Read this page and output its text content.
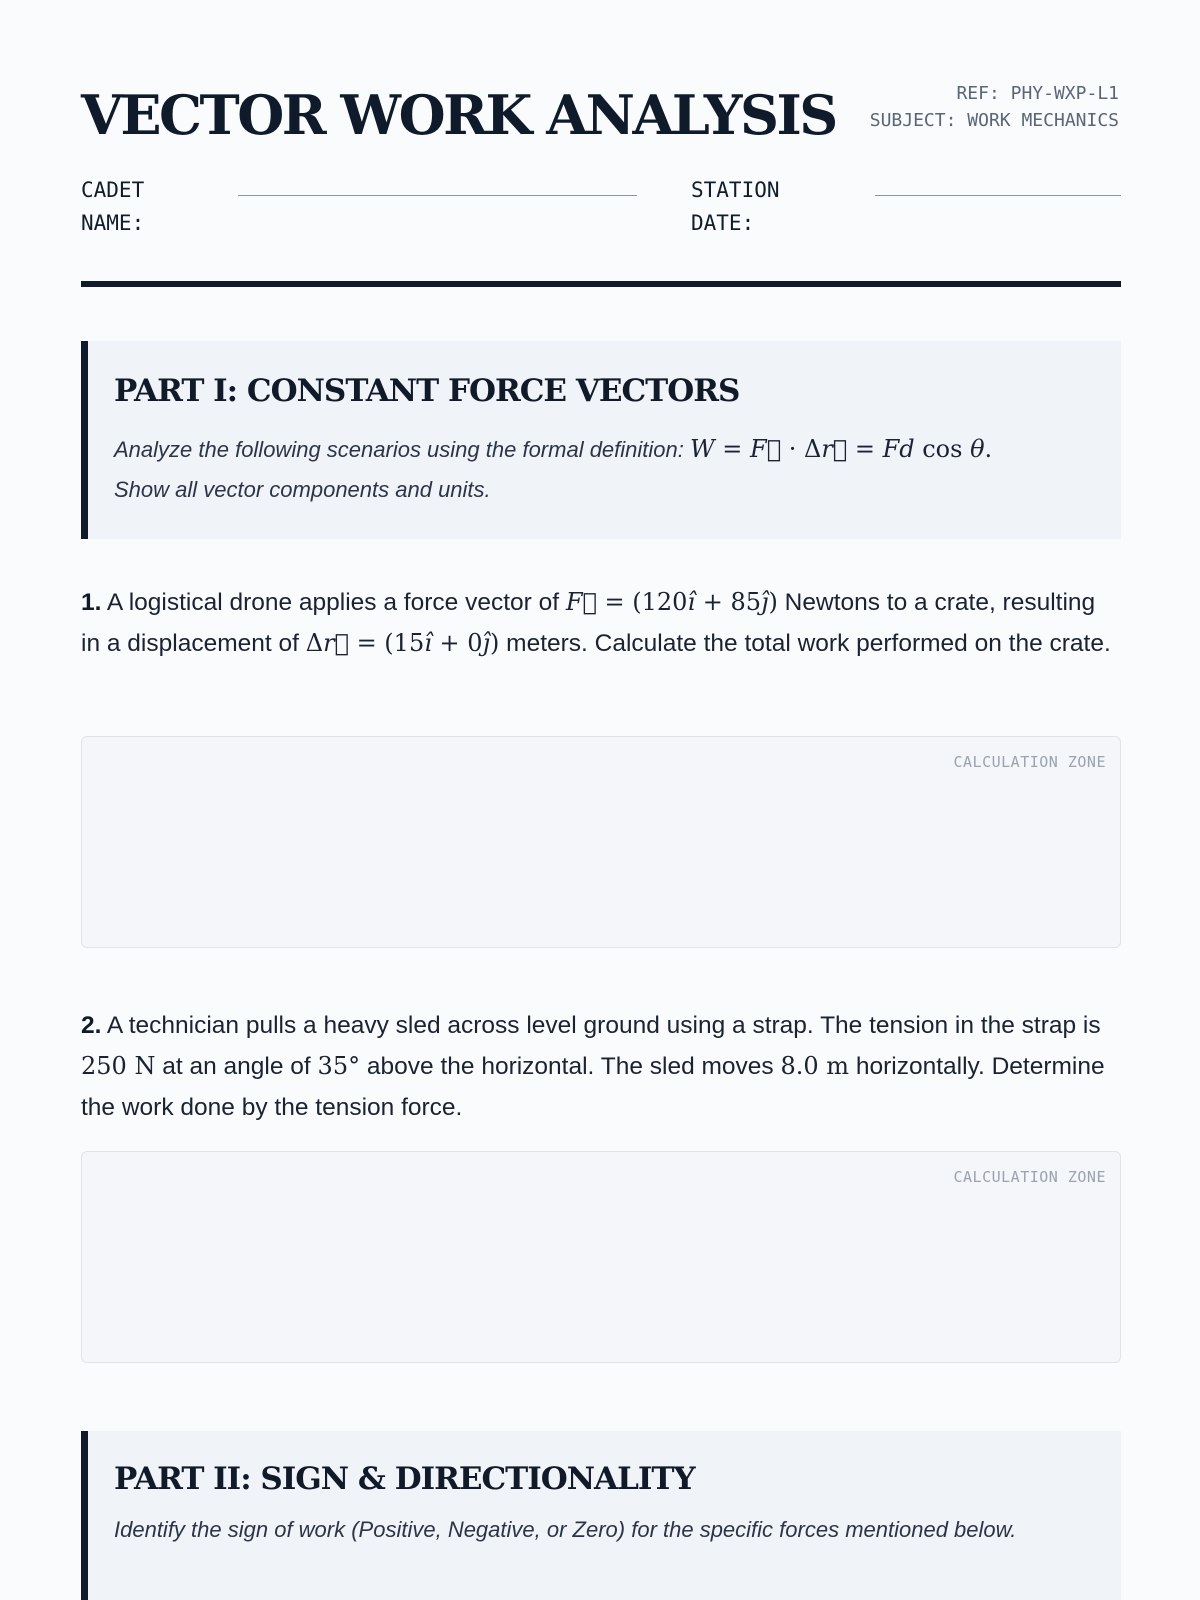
VECTOR WORK ANALYSIS	REF: PHY-WXP-L1
SUBJECT: WORK MECHANICS
CADET
NAME:
STATION
DATE:
PART I: CONSTANT FORCE VECTORS
Analyze the following scenarios using the formal definition: W = F⃗ · Δr⃗ = Fd cos θ.
Show all vector components and units.
1. A logistical drone applies a force vector of F⃗ = (120î + 85ĵ) Newtons to a crate, resulting in a displacement of Δr⃗ = (15î + 0ĵ) meters. Calculate the total work performed on the crate.
CALCULATION ZONE
2. A technician pulls a heavy sled across level ground using a strap. The tension in the strap is 250 N at an angle of 35° above the horizontal. The sled moves 8.0 m horizontally. Determine the work done by the tension force.
CALCULATION ZONE
PART II: SIGN & DIRECTIONALITY
Identify the sign of work (Positive, Negative, or Zero) for the specific forces mentioned below.
